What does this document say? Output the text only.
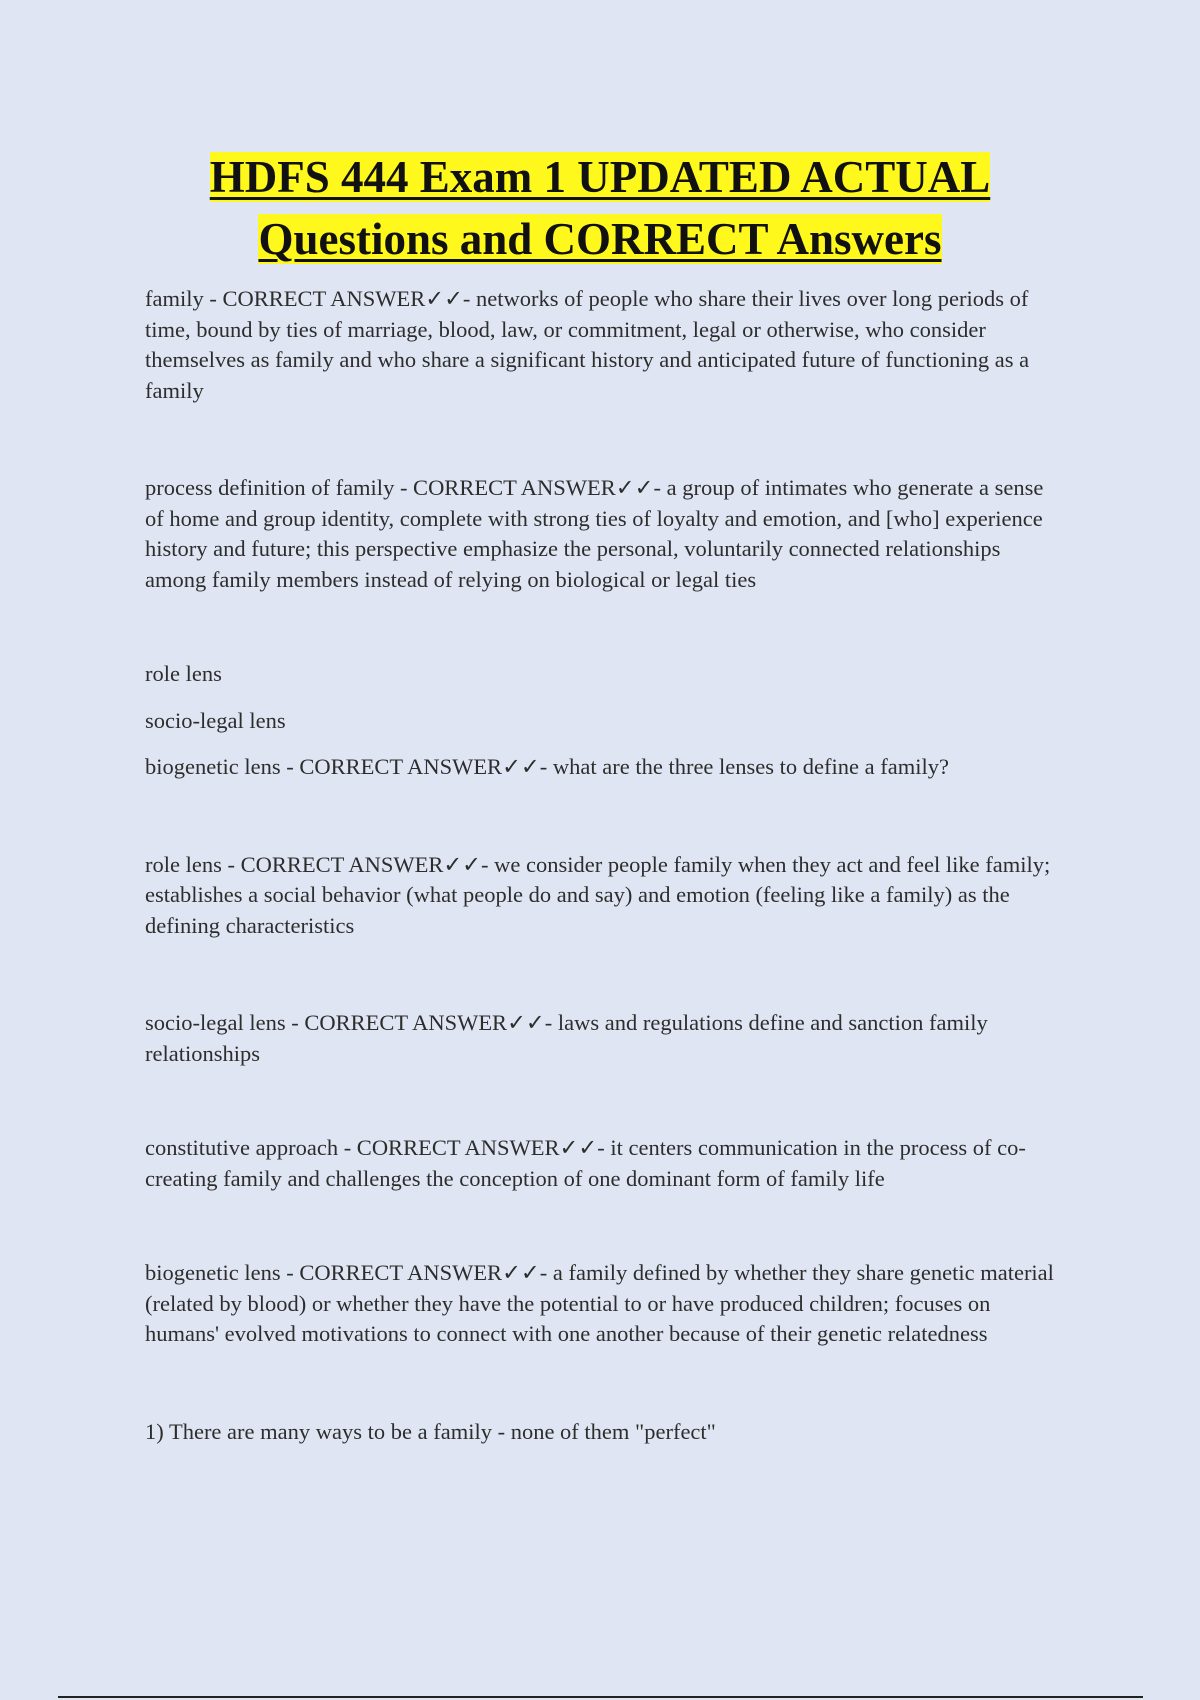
HDFS 444 Exam 1 UPDATED ACTUAL
Questions and CORRECT Answers

family - CORRECT ANSWER✓✓- networks of people who share their lives over long periods of time, bound by ties of marriage, blood, law, or commitment, legal or otherwise, who consider themselves as family and who share a significant history and anticipated future of functioning as a family

process definition of family - CORRECT ANSWER✓✓- a group of intimates who generate a sense of home and group identity, complete with strong ties of loyalty and emotion, and [who] experience history and future; this perspective emphasize the personal, voluntarily connected relationships among family members instead of relying on biological or legal ties

role lens

socio-legal lens

biogenetic lens - CORRECT ANSWER✓✓- what are the three lenses to define a family?

role lens - CORRECT ANSWER✓✓- we consider people family when they act and feel like family; establishes a social behavior (what people do and say) and emotion (feeling like a family) as the defining characteristics

socio-legal lens - CORRECT ANSWER✓✓- laws and regulations define and sanction family relationships

constitutive approach - CORRECT ANSWER✓✓- it centers communication in the process of co-creating family and challenges the conception of one dominant form of family life

biogenetic lens - CORRECT ANSWER✓✓- a family defined by whether they share genetic material (related by blood) or whether they have the potential to or have produced children; focuses on humans' evolved motivations to connect with one another because of their genetic relatedness

1) There are many ways to be a family - none of them "perfect"
